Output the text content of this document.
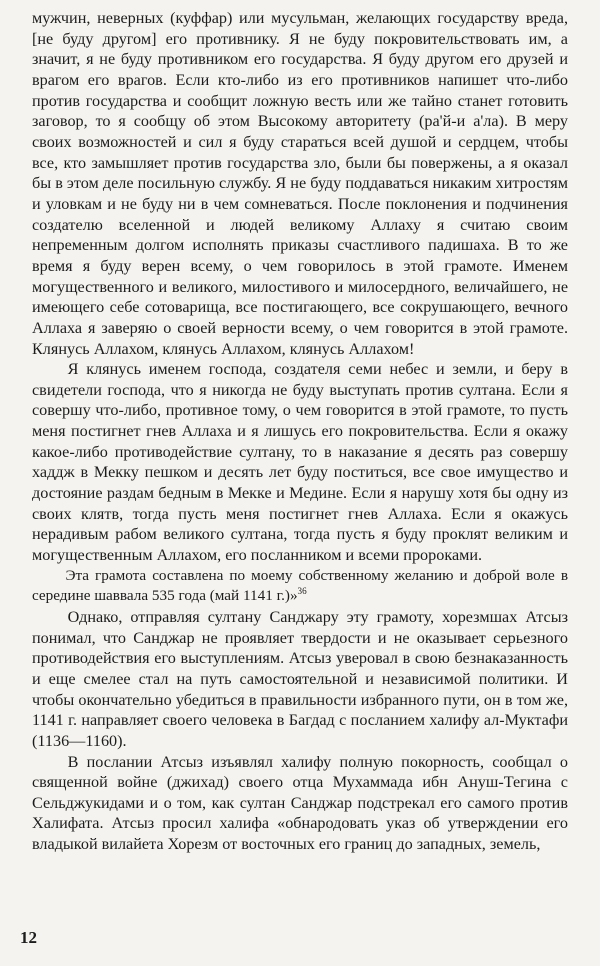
мужчин, неверных (куффар) или мусульман, желающих государству вреда, [не буду другом] его противнику. Я не буду покровительствовать им, а значит, я не буду противником его государства. Я буду другом его друзей и врагом его врагов. Если кто-либо из его противников напишет что-либо против государства и сообщит ложную весть или же тайно станет готовить заговор, то я сообщу об этом Высокому авторитету (ра'й-и а'ла). В меру своих возможностей и сил я буду стараться всей душой и сердцем, чтобы все, кто замышляет против государства зло, были бы повержены, а я оказал бы в этом деле посильную службу. Я не буду поддаваться никаким хитростям и уловкам и не буду ни в чем сомневаться. После поклонения и подчинения создателю вселенной и людей великому Аллаху я считаю своим непременным долгом исполнять приказы счастливого падишаха. В то же время я буду верен всему, о чем говорилось в этой грамоте. Именем могущественного и великого, милостивого и милосердного, величайшего, не имеющего себе сотоварища, все постигающего, все сокрушающего, вечного Аллаха я заверяю о своей верности всему, о чем говорится в этой грамоте. Клянусь Аллахом, клянусь Аллахом, клянусь Аллахом!

Я клянусь именем господа, создателя семи небес и земли, и беру в свидетели господа, что я никогда не буду выступать против султана. Если я совершу что-либо, противное тому, о чем говорится в этой грамоте, то пусть меня постигнет гнев Аллаха и я лишусь его покровительства. Если я окажу какое-либо противодействие султану, то в наказание я десять раз совершу хаддж в Мекку пешком и десять лет буду поститься, все свое имущество и достояние раздам бедным в Мекке и Медине. Если я нарушу хотя бы одну из своих клятв, тогда пусть меня постигнет гнев Аллаха. Если я окажусь нерадивым рабом великого султана, тогда пусть я буду проклят великим и могущественным Аллахом, его посланником и всеми пророками.

Эта грамота составлена по моему собственному желанию и доброй воле в середине шаввала 535 года (май 1141 г.)»$^{36}$

Однако, отправляя султану Санджару эту грамоту, хорезмшах Атсыз понимал, что Санджар не проявляет твердости и не оказывает серьезного противодействия его выступлениям. Атсыз уверовал в свою безнаказанность и еще смелее стал на путь самостоятельной и независимой политики. И чтобы окончательно убедиться в правильности избранного пути, он в том же, 1141 г. направляет своего человека в Багдад с посланием халифу ал-Муктафи (1136—1160).

В послании Атсыз изъявлял халифу полную покорность, сообщал о священной войне (джихад) своего отца Мухаммада ибн Ануш-Тегина с Сельджукидами и о том, как султан Санджар подстрекал его самого против Халифата. Атсыз просил халифа «обнародовать указ об утверждении его владыкой вилайета Хорезм от восточных его границ до западных, земель,

12
